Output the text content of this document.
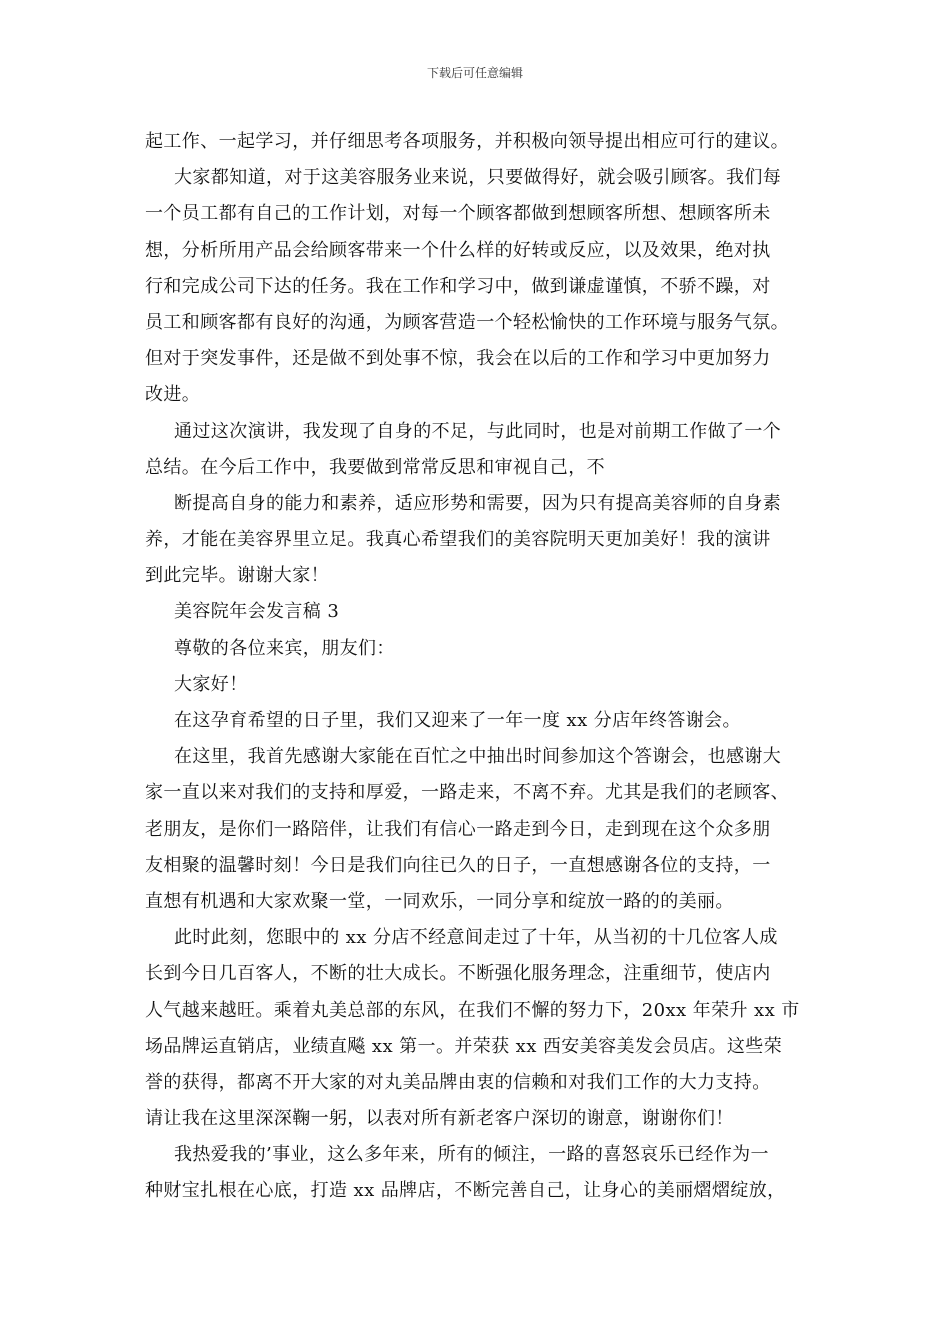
下载后可任意编辑
起工作、一起学习，并仔细思考各项服务，并积极向领导提出相应可行的建议。
大家都知道，对于这美容服务业来说，只要做得好，就会吸引顾客。我们每
一个员工都有自己的工作计划，对每一个顾客都做到想顾客所想、想顾客所未
想，分析所用产品会给顾客带来一个什么样的好转或反应，以及效果，绝对执
行和完成公司下达的任务。我在工作和学习中，做到谦虚谨慎，不骄不躁，对
员工和顾客都有良好的沟通，为顾客营造一个轻松愉快的工作环境与服务气氛。
但对于突发事件，还是做不到处事不惊，我会在以后的工作和学习中更加努力
改进。
通过这次演讲，我发现了自身的不足，与此同时，也是对前期工作做了一个
总结。在今后工作中，我要做到常常反思和审视自己，不
断提高自身的能力和素养，适应形势和需要，因为只有提高美容师的自身素
养，才能在美容界里立足。我真心希望我们的美容院明天更加美好！我的演讲
到此完毕。谢谢大家！
美容院年会发言稿 3
尊敬的各位来宾，朋友们：
大家好！
在这孕育希望的日子里，我们又迎来了一年一度 xx 分店年终答谢会。
在这里，我首先感谢大家能在百忙之中抽出时间参加这个答谢会，也感谢大
家一直以来对我们的支持和厚爱，一路走来，不离不弃。尤其是我们的老顾客、
老朋友，是你们一路陪伴，让我们有信心一路走到今日，走到现在这个众多朋
友相聚的温馨时刻！今日是我们向往已久的日子，一直想感谢各位的支持，一
直想有机遇和大家欢聚一堂，一同欢乐，一同分享和绽放一路的的美丽。
此时此刻，您眼中的 xx 分店不经意间走过了十年，从当初的十几位客人成
长到今日几百客人，不断的壮大成长。不断强化服务理念，注重细节，使店内
人气越来越旺。乘着丸美总部的东风，在我们不懈的努力下，20xx 年荣升 xx 市
场品牌运直销店，业绩直飚 xx 第一。并荣获 xx 西安美容美发会员店。这些荣
誉的获得，都离不开大家的对丸美品牌由衷的信赖和对我们工作的大力支持。
请让我在这里深深鞠一躬，以表对所有新老客户深切的谢意，谢谢你们！
我热爱我的’事业，这么多年来，所有的倾注，一路的喜怒哀乐已经作为一
种财宝扎根在心底，打造 xx 品牌店，不断完善自己，让身心的美丽熠熠绽放，
